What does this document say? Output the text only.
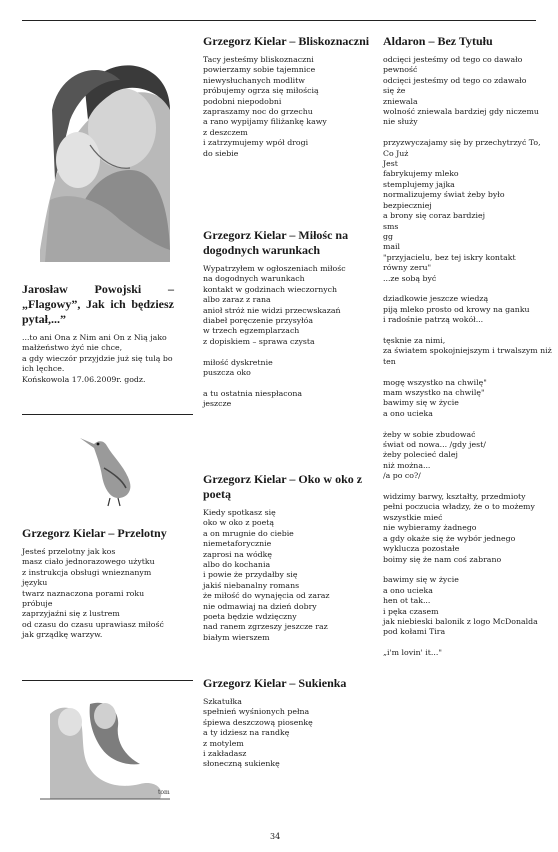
Jarosław Powojski – „Flagowy”, Jak ich będziesz pytał,...”
...to ani Ona z Nim ani On z Nią jako
małżeństwo żyć nie chce,
a gdy wieczór przyjdzie już się tulą bo
ich lęchce.
Końskowola 17.06.2009r. godz.
Grzegorz Kielar – Przelotny
Jesteś przelotny jak kos
masz ciało jednorazowego użytku
z instrukcja obsługi wnieznanym języku
twarz naznaczona porami roku próbuje
zaprzyjaźni się z lustrem
od czasu do czasu uprawiasz miłość
jak grządkę warzyw.
tom
Grzegorz Kielar – Bliskoznaczni
Tacy jesteśmy bliskoznaczni
powierzamy sobie tajemnice
niewysłuchanych modlitw
próbujemy ogrza się miłością
podobni niepodobni
zapraszamy noc do grzechu
a rano wypijamy filiżankę kawy
z deszczem
i zatrzymujemy wpół drogi
do siebie
Grzegorz Kielar – Miłośc na dogodnych warunkach
Wypatrzyłem w ogłoszeniach miłośc
na dogodnych warunkach
kontakt w godzinach wieczornych
albo zaraz z rana
anioł stróż nie widzi przecwskazań
diabeł poręczenie przysyłóa
w trzech egzemplarzach
z dopiskiem – sprawa czysta

miłość dyskretnie
puszcza oko

a tu ostatnia niespłacona
jeszcze
Grzegorz Kielar – Oko w oko z poetą
Kiedy spotkasz się
oko w oko z poetą
a on mrugnie do ciebie
niemetaforycznie
zaprosi na wódkę
albo do kochania
i powie że przydałby się
jakiś niebanalny romans
że miłość do wynajęcia od zaraz
nie odmawiaj na dzień dobry
poeta będzie wdzięczny
nad ranem zgrzeszy jeszcze raz
białym wierszem
Grzegorz Kielar – Sukienka
Szkatułka
spełnień wyśnionych pełna
śpiewa deszczową piosenkę
a ty idziesz na randkę
z motylem
i zakładasz
słoneczną sukienkę
Aldaron – Bez Tytułu
odcięci jesteśmy od tego co dawało
pewność
odcięci jesteśmy od tego co zdawało
się że
zniewala
wolność zniewala bardziej gdy niczemu
nie służy

przyzwyczajamy się by przechytrzyć To, Co Już
Jest
fabrykujemy mleko
stemplujemy jajka
normalizujemy świat żeby było bezpieczniej
a brony się coraz bardziej
sms
gg
mail
"przyjacielu, bez tej iskry kontakt
równy zeru"
...ze sobą być

dziadkowie jeszcze wiedzą
piją mleko prosto od krowy na ganku
i radośnie patrzą wokół...

tęsknie za nimi,
za światem spokojniejszym i trwalszym niż ten

mogę wszystko na chwilę"
mam wszystko na chwilę"
bawimy się w życie
a ono ucieka

żeby w sobie zbudować
świat od nowa... /gdy jest/
żeby polecieć dalej
niż można...
/a po co?/

widzimy barwy, kształty, przedmioty
pełni poczucia władzy, że o to możemy
wszystkie mieć
nie wybieramy żadnego
a gdy okaże się że wybór jednego wyklucza pozostałe
boimy się że nam coś zabrano

bawimy się w życie
a ono ucieka
hen ot tak...
i pęka czasem
jak niebieski balonik z logo McDonalda
pod kołami Tira

„i'm lovin' it..."
34
